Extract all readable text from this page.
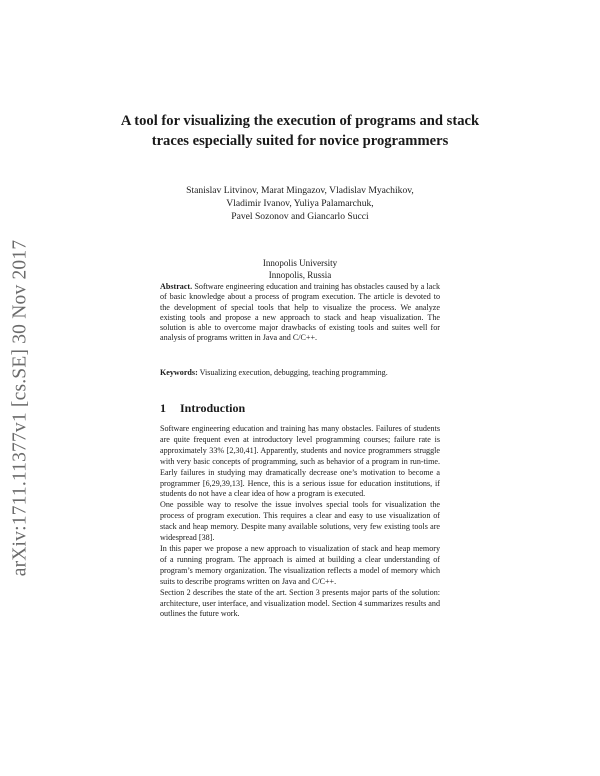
arXiv:1711.11377v1 [cs.SE] 30 Nov 2017
A tool for visualizing the execution of programs and stack traces especially suited for novice programmers
Stanislav Litvinov, Marat Mingazov, Vladislav Myachikov,
Vladimir Ivanov, Yuliya Palamarchuk,
Pavel Sozonov and Giancarlo Succi
Innopolis University
Innopolis, Russia
Abstract. Software engineering education and training has obstacles caused by a lack of basic knowledge about a process of program execution. The article is devoted to the development of special tools that help to visualize the process. We analyze existing tools and propose a new approach to stack and heap visualization. The solution is able to overcome major drawbacks of existing tools and suites well for analysis of programs written in Java and C/C++.
Keywords: Visualizing execution, debugging, teaching programming.
1 Introduction

Software engineering education and training has many obstacles. Failures of students are quite frequent even at introductory level programming courses; failure rate is approximately 33% [2,30,41]. Apparently, students and novice programmers struggle with very basic concepts of programming, such as behavior of a program in run-time. Early failures in studying may dramatically decrease one’s motivation to become a programmer [6,29,39,13]. Hence, this is a serious issue for education institutions, if students do not have a clear idea of how a program is executed.

One possible way to resolve the issue involves special tools for visualization the process of program execution. This requires a clear and easy to use visualization of stack and heap memory. Despite many available solutions, very few existing tools are widespread [38].

In this paper we propose a new approach to visualization of stack and heap memory of a running program. The approach is aimed at building a clear understanding of program’s memory organization. The visualization reflects a model of memory which suits to describe programs written on Java and C/C++.

Section 2 describes the state of the art. Section 3 presents major parts of the solution: architecture, user interface, and visualization model. Section 4 summarizes results and outlines the future work.
